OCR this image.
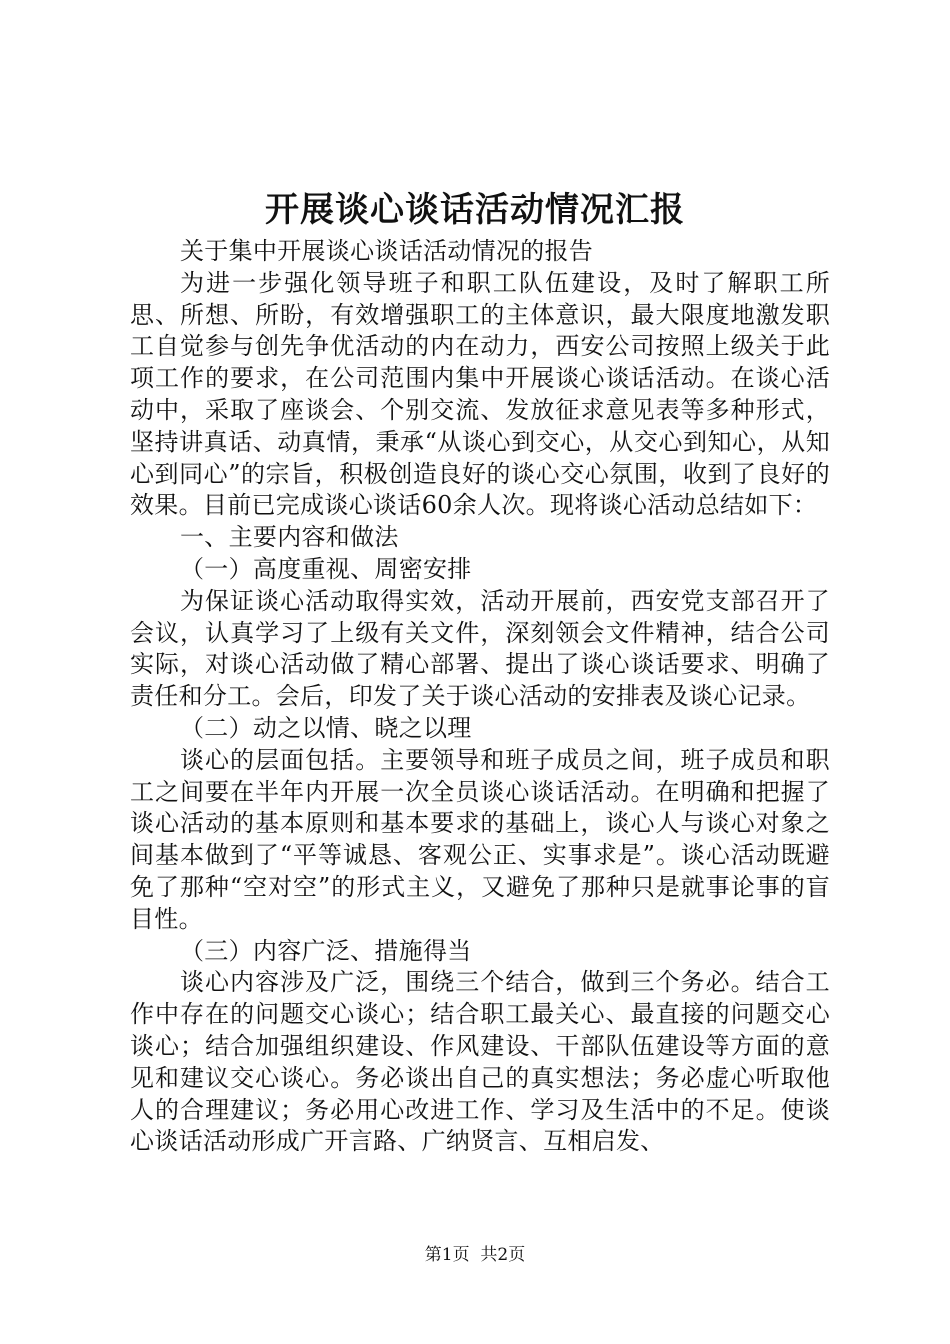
开展谈心谈话活动情况汇报

关于集中开展谈心谈话活动情况的报告

为进一步强化领导班子和职工队伍建设，及时了解职工所思、所想、所盼，有效增强职工的主体意识，最大限度地激发职工自觉参与创先争优活动的内在动力，西安公司按照上级关于此项工作的要求，在公司范围内集中开展谈心谈话活动。在谈心活动中，采取了座谈会、个别交流、发放征求意见表等多种形式，坚持讲真话、动真情，秉承“从谈心到交心，从交心到知心，从知心到同心”的宗旨，积极创造良好的谈心交心氛围，收到了良好的效果。目前已完成谈心谈话60余人次。现将谈心活动总结如下：

一、主要内容和做法

（一）高度重视、周密安排

为保证谈心活动取得实效，活动开展前，西安党支部召开了会议，认真学习了上级有关文件，深刻领会文件精神，结合公司实际，对谈心活动做了精心部署、提出了谈心谈话要求、明确了责任和分工。会后，印发了关于谈心活动的安排表及谈心记录。

（二）动之以情、晓之以理

谈心的层面包括。主要领导和班子成员之间，班子成员和职工之间要在半年内开展一次全员谈心谈话活动。在明确和把握了谈心活动的基本原则和基本要求的基础上，谈心人与谈心对象之间基本做到了“平等诚恳、客观公正、实事求是”。谈心活动既避免了那种“空对空”的形式主义，又避免了那种只是就事论事的盲目性。

（三）内容广泛、措施得当

谈心内容涉及广泛，围绕三个结合，做到三个务必。结合工作中存在的问题交心谈心；结合职工最关心、最直接的问题交心谈心；结合加强组织建设、作风建设、干部队伍建设等方面的意见和建议交心谈心。务必谈出自己的真实想法；务必虚心听取他人的合理建议；务必用心改进工作、学习及生活中的不足。使谈心谈话活动形成广开言路、广纳贤言、互相启发、

第1页  共2页
